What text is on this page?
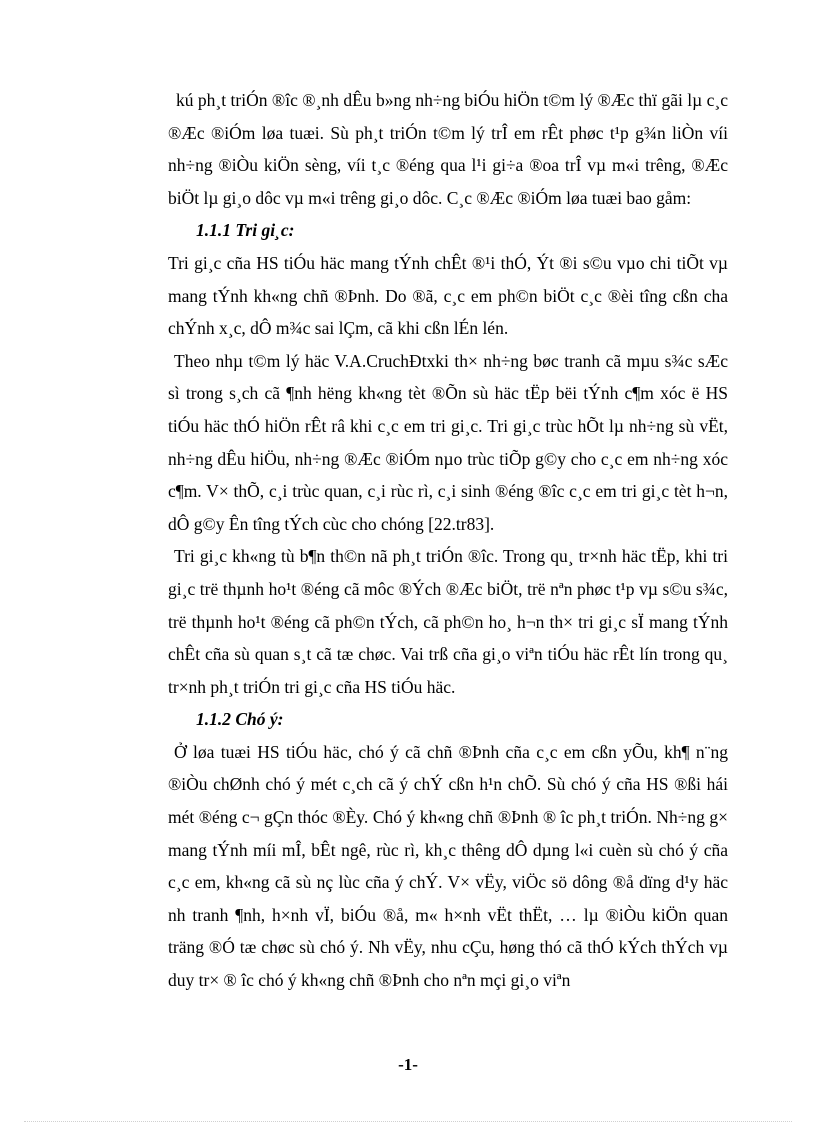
kú ph¸t triÓn ®îc ®¸nh dÊu b»ng nh÷ng biÓu hiÖn t©m lý ®Æc thï gãi lµ c¸c ®Æc ®iÓm løa tuæi. Sù ph¸t triÓn t©m lý trÎ em rÊt phøc t¹p g¾n liÒn víi nh÷ng ®iÒu kiÖn sèng, víi t¸c ®éng qua l¹i gi÷a ®oa trÎ vµ m«i trêng, ®Æc biÖt lµ gi¸o dôc vµ m«i trêng gi¸o dôc. C¸c ®Æc ®iÓm løa tuæi bao gåm:

1.1.1 Tri gi¸c:

Tri gi¸c cña HS tiÓu häc mang tÝnh chÊt ®¹i thÓ, Ýt ®i s©u vµo chi tiÕt vµ mang tÝnh kh«ng chñ ®Þnh. Do ®ã, c¸c em ph©n biÖt c¸c ®èi tîng cßn cha chÝnh x¸c, dÔ m¾c sai lÇm, cã khi cßn lÉn lén.

Theo nhµ t©m lý häc V.A.CruchÐtxki th× nh÷ng bøc tranh cã mµu s¾c sÆc sì trong s¸ch cã ¶nh hëng kh«ng tèt ®Õn sù häc tËp bëi tÝnh c¶m xóc ë HS tiÓu häc thÓ hiÖn rÊt râ khi c¸c em tri gi¸c. Tri gi¸c trùc hÕt lµ nh÷ng sù vËt, nh÷ng dÊu hiÖu, nh÷ng ®Æc ®iÓm nµo trùc tiÕp g©y cho c¸c em nh÷ng xóc c¶m. V× thÕ, c¸i trùc quan, c¸i rùc rì, c¸i sinh ®éng ®îc c¸c em tri gi¸c tèt h¬n, dÔ g©y Ên tîng tÝch cùc cho chóng [22.tr83].

Tri gi¸c kh«ng tù b¶n th©n nã ph¸t triÓn ®îc. Trong qu¸ tr×nh häc tËp, khi tri gi¸c trë thµnh ho¹t ®éng cã môc ®Ých ®Æc biÖt, trë nªn phøc t¹p vµ s©u s¾c, trë thµnh ho¹t ®éng cã ph©n tÝch, cã ph©n ho¸ h¬n th× tri gi¸c sÏ mang tÝnh chÊt cña sù quan s¸t cã tæ chøc. Vai trß cña gi¸o viªn tiÓu häc rÊt lín trong qu¸ tr×nh ph¸t triÓn tri gi¸c cña HS tiÓu häc.

1.1.2 Chó ý:

Ở løa tuæi HS tiÓu häc, chó ý cã chñ ®Þnh cña c¸c em cßn yÕu, kh¶ n¨ng ®iÒu chØnh chó ý mét c¸ch cã ý chÝ cßn h¹n chÕ. Sù chó ý cña HS ®ßi hái mét ®éng c¬ gÇn thóc ®Èy. Chó ý kh«ng chñ ®Þnh ® îc ph¸t triÓn. Nh÷ng g× mang tÝnh míi mÎ, bÊt ngê, rùc rì, kh¸c thêng dÔ dµng l«i cuèn sù chó ý cña c¸c em, kh«ng cã sù nç lùc cña ý chÝ. V× vËy, viÖc sö dông ®å dïng d¹y häc nh tranh ¶nh, h×nh vÏ, biÓu ®å, m« h×nh vËt thËt, … lµ ®iÒu kiÖn quan träng ®Ó tæ chøc sù chó ý. Nh vËy, nhu cÇu, høng thó cã thÓ kÝch thÝch vµ duy tr× ® îc chó ý kh«ng chñ ®Þnh cho nªn mçi gi¸o viªn

-1-
